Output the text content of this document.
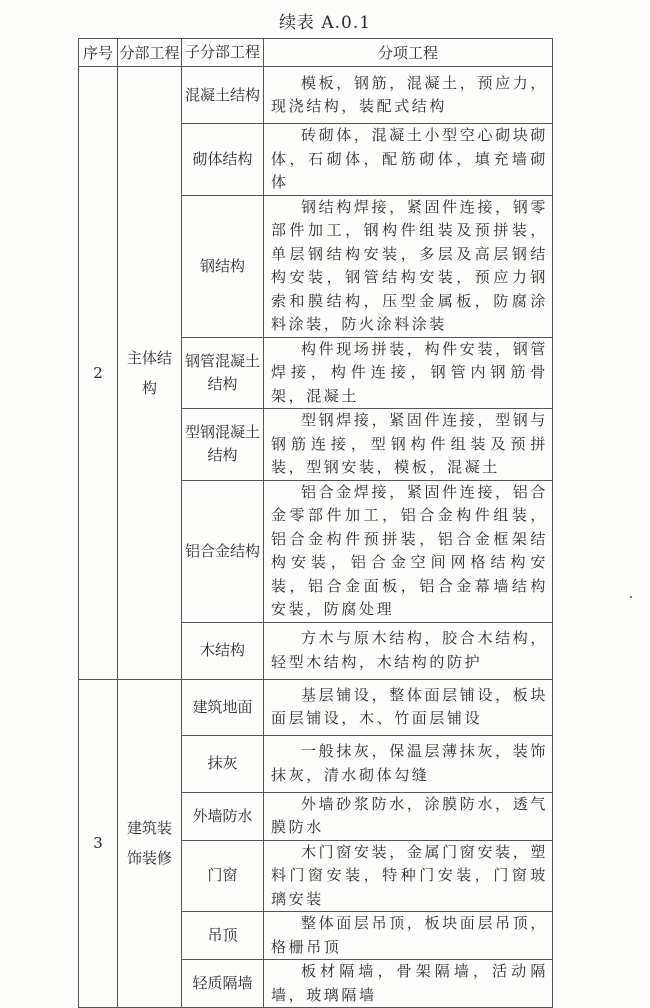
续表 A.0.1
序号	分部工程	子分部工程	分项工程
2	主体结构	混凝土结构	模板，钢筋，混凝土，预应力，现浇结构，装配式结构
		砌体结构	砖砌体，混凝土小型空心砌块砌体，石砌体，配筋砌体，填充墙砌体
		钢结构	钢结构焊接，紧固件连接，钢零部件加工，钢构件组装及预拼装，单层钢结构安装，多层及高层钢结构安装，钢管结构安装，预应力钢索和膜结构，压型金属板，防腐涂料涂装，防火涂料涂装
		钢管混凝土结构	构件现场拼装，构件安装，钢管焊接，构件连接，钢管内钢筋骨架，混凝土
		型钢混凝土结构	型钢焊接，紧固件连接，型钢与钢筋连接，型钢构件组装及预拼装，型钢安装，模板，混凝土
		铝合金结构	铝合金焊接，紧固件连接，铝合金零部件加工，铝合金构件组装，铝合金构件预拼装，铝合金框架结构安装，铝合金空间网格结构安装，铝合金面板，铝合金幕墙结构安装，防腐处理
		木结构	方木与原木结构，胶合木结构，轻型木结构，木结构的防护
3	建筑装饰装修	建筑地面	基层铺设，整体面层铺设，板块面层铺设，木、竹面层铺设
		抹灰	一般抹灰，保温层薄抹灰，装饰抹灰，清水砌体勾缝
		外墙防水	外墙砂浆防水，涂膜防水，透气膜防水
		门窗	木门窗安装，金属门窗安装，塑料门窗安装，特种门安装，门窗玻璃安装
		吊顶	整体面层吊顶，板块面层吊顶，格栅吊顶
		轻质隔墙	板材隔墙，骨架隔墙，活动隔墙，玻璃隔墙
